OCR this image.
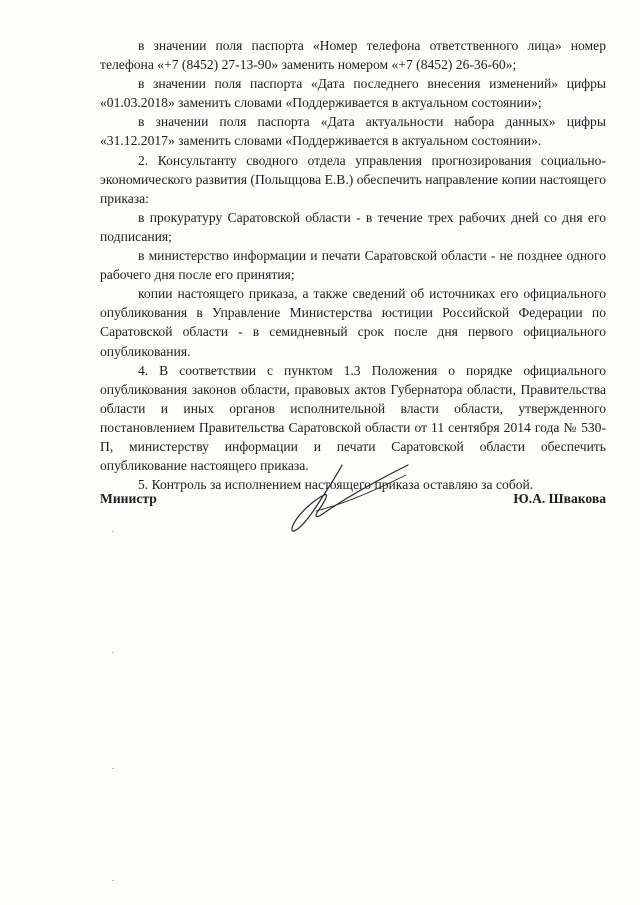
в значении поля паспорта «Номер телефона ответственного лица» номер телефона «+7 (8452) 27-13-90» заменить номером «+7 (8452) 26-36-60»;

в значении поля паспорта «Дата последнего внесения изменений» цифры «01.03.2018» заменить словами «Поддерживается в актуальном состоянии»;

в значении поля паспорта «Дата актуальности набора данных» цифры «31.12.2017» заменить словами «Поддерживается в актуальном состоянии».

2. Консультанту сводного отдела управления прогнозирования социально-экономического развития (Польщцова Е.В.) обеспечить направление копии настоящего приказа:

в прокуратуру Саратовской области - в течение трех рабочих дней со дня его подписания;

в министерство информации и печати Саратовской области - не позднее одного рабочего дня после его принятия;

копии настоящего приказа, а также сведений об источниках его официального опубликования в Управление Министерства юстиции Российской Федерации по Саратовской области - в семидневный срок после дня первого официального опубликования.

4. В соответствии с пунктом 1.3 Положения о порядке официального опубликования законов области, правовых актов Губернатора области, Правительства области и иных органов исполнительной власти области, утвержденного постановлением Правительства Саратовской области от 11 сентября 2014 года № 530-П, министерству информации и печати Саратовской области обеспечить опубликование настоящего приказа.

5. Контроль за исполнением настоящего приказа оставляю за собой.

Министр	Ю.А. Швакова
